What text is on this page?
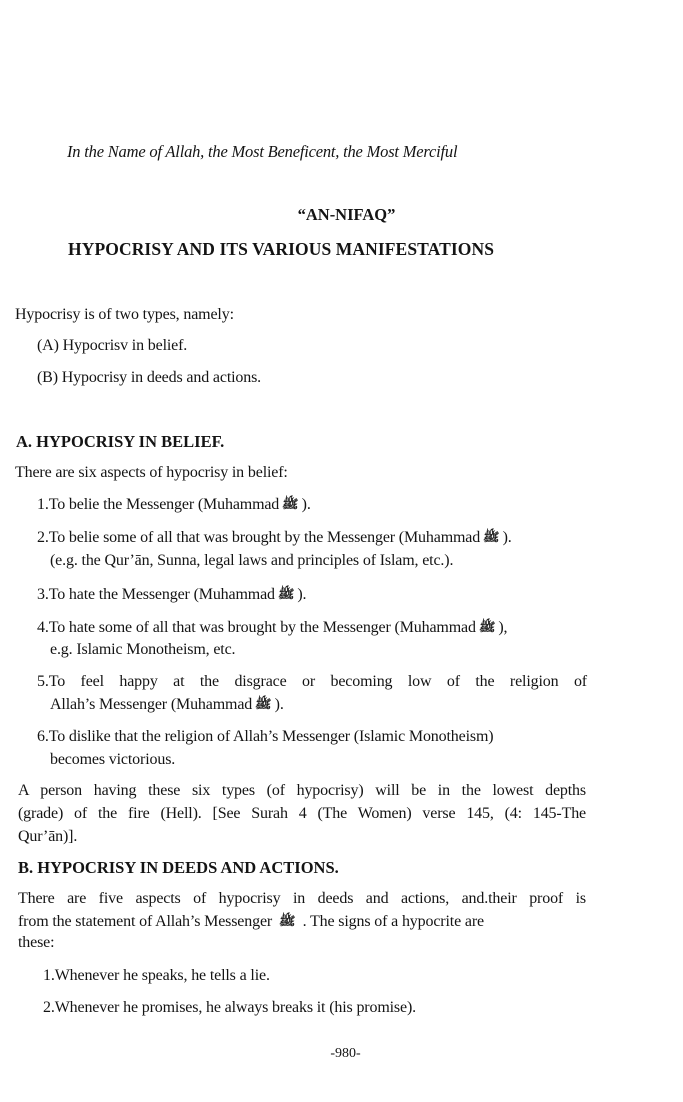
In the Name of Allah, the Most Beneficent, the Most Merciful
“AN-NIFAQ”
HYPOCRISY AND ITS VARIOUS MANIFESTATIONS
Hypocrisy is of two types, namely:
(A) Hypocrisv in belief.
(B) Hypocrisy in deeds and actions.
A. HYPOCRISY IN BELIEF.
There are six aspects of hypocrisy in belief:
1.To belie the Messenger (Muhammad ﷺ ).
2.To belie some of all that was brought by the Messenger (Muhammad ﷺ ).
(e.g. the Qur’ān, Sunna, legal laws and principles of Islam, etc.).
3.To hate the Messenger (Muhammad ﷺ ).
4.To hate some of all that was brought by the Messenger (Muhammad ﷺ ),
e.g. Islamic Monotheism, etc.
5.To feel happy at the disgrace or becoming low of the religion of
Allah’s Messenger (Muhammad ﷺ ).
6.To dislike that the religion of Allah’s Messenger (Islamic Monotheism)
becomes victorious.
A person having these six types (of hypocrisy) will be in the lowest depths
(grade) of the fire (Hell). [See Surah 4 (The Women) verse 145, (4: 145-The
Qur’ān)].
B. HYPOCRISY IN DEEDS AND ACTIONS.
There are five aspects of hypocrisy in deeds and actions, and.their proof is
from the statement of Allah’s Messenger ﷺ . The signs of a hypocrite are
these:
1.Whenever he speaks, he tells a lie.
2.Whenever he promises, he always breaks it (his promise).
-980-
